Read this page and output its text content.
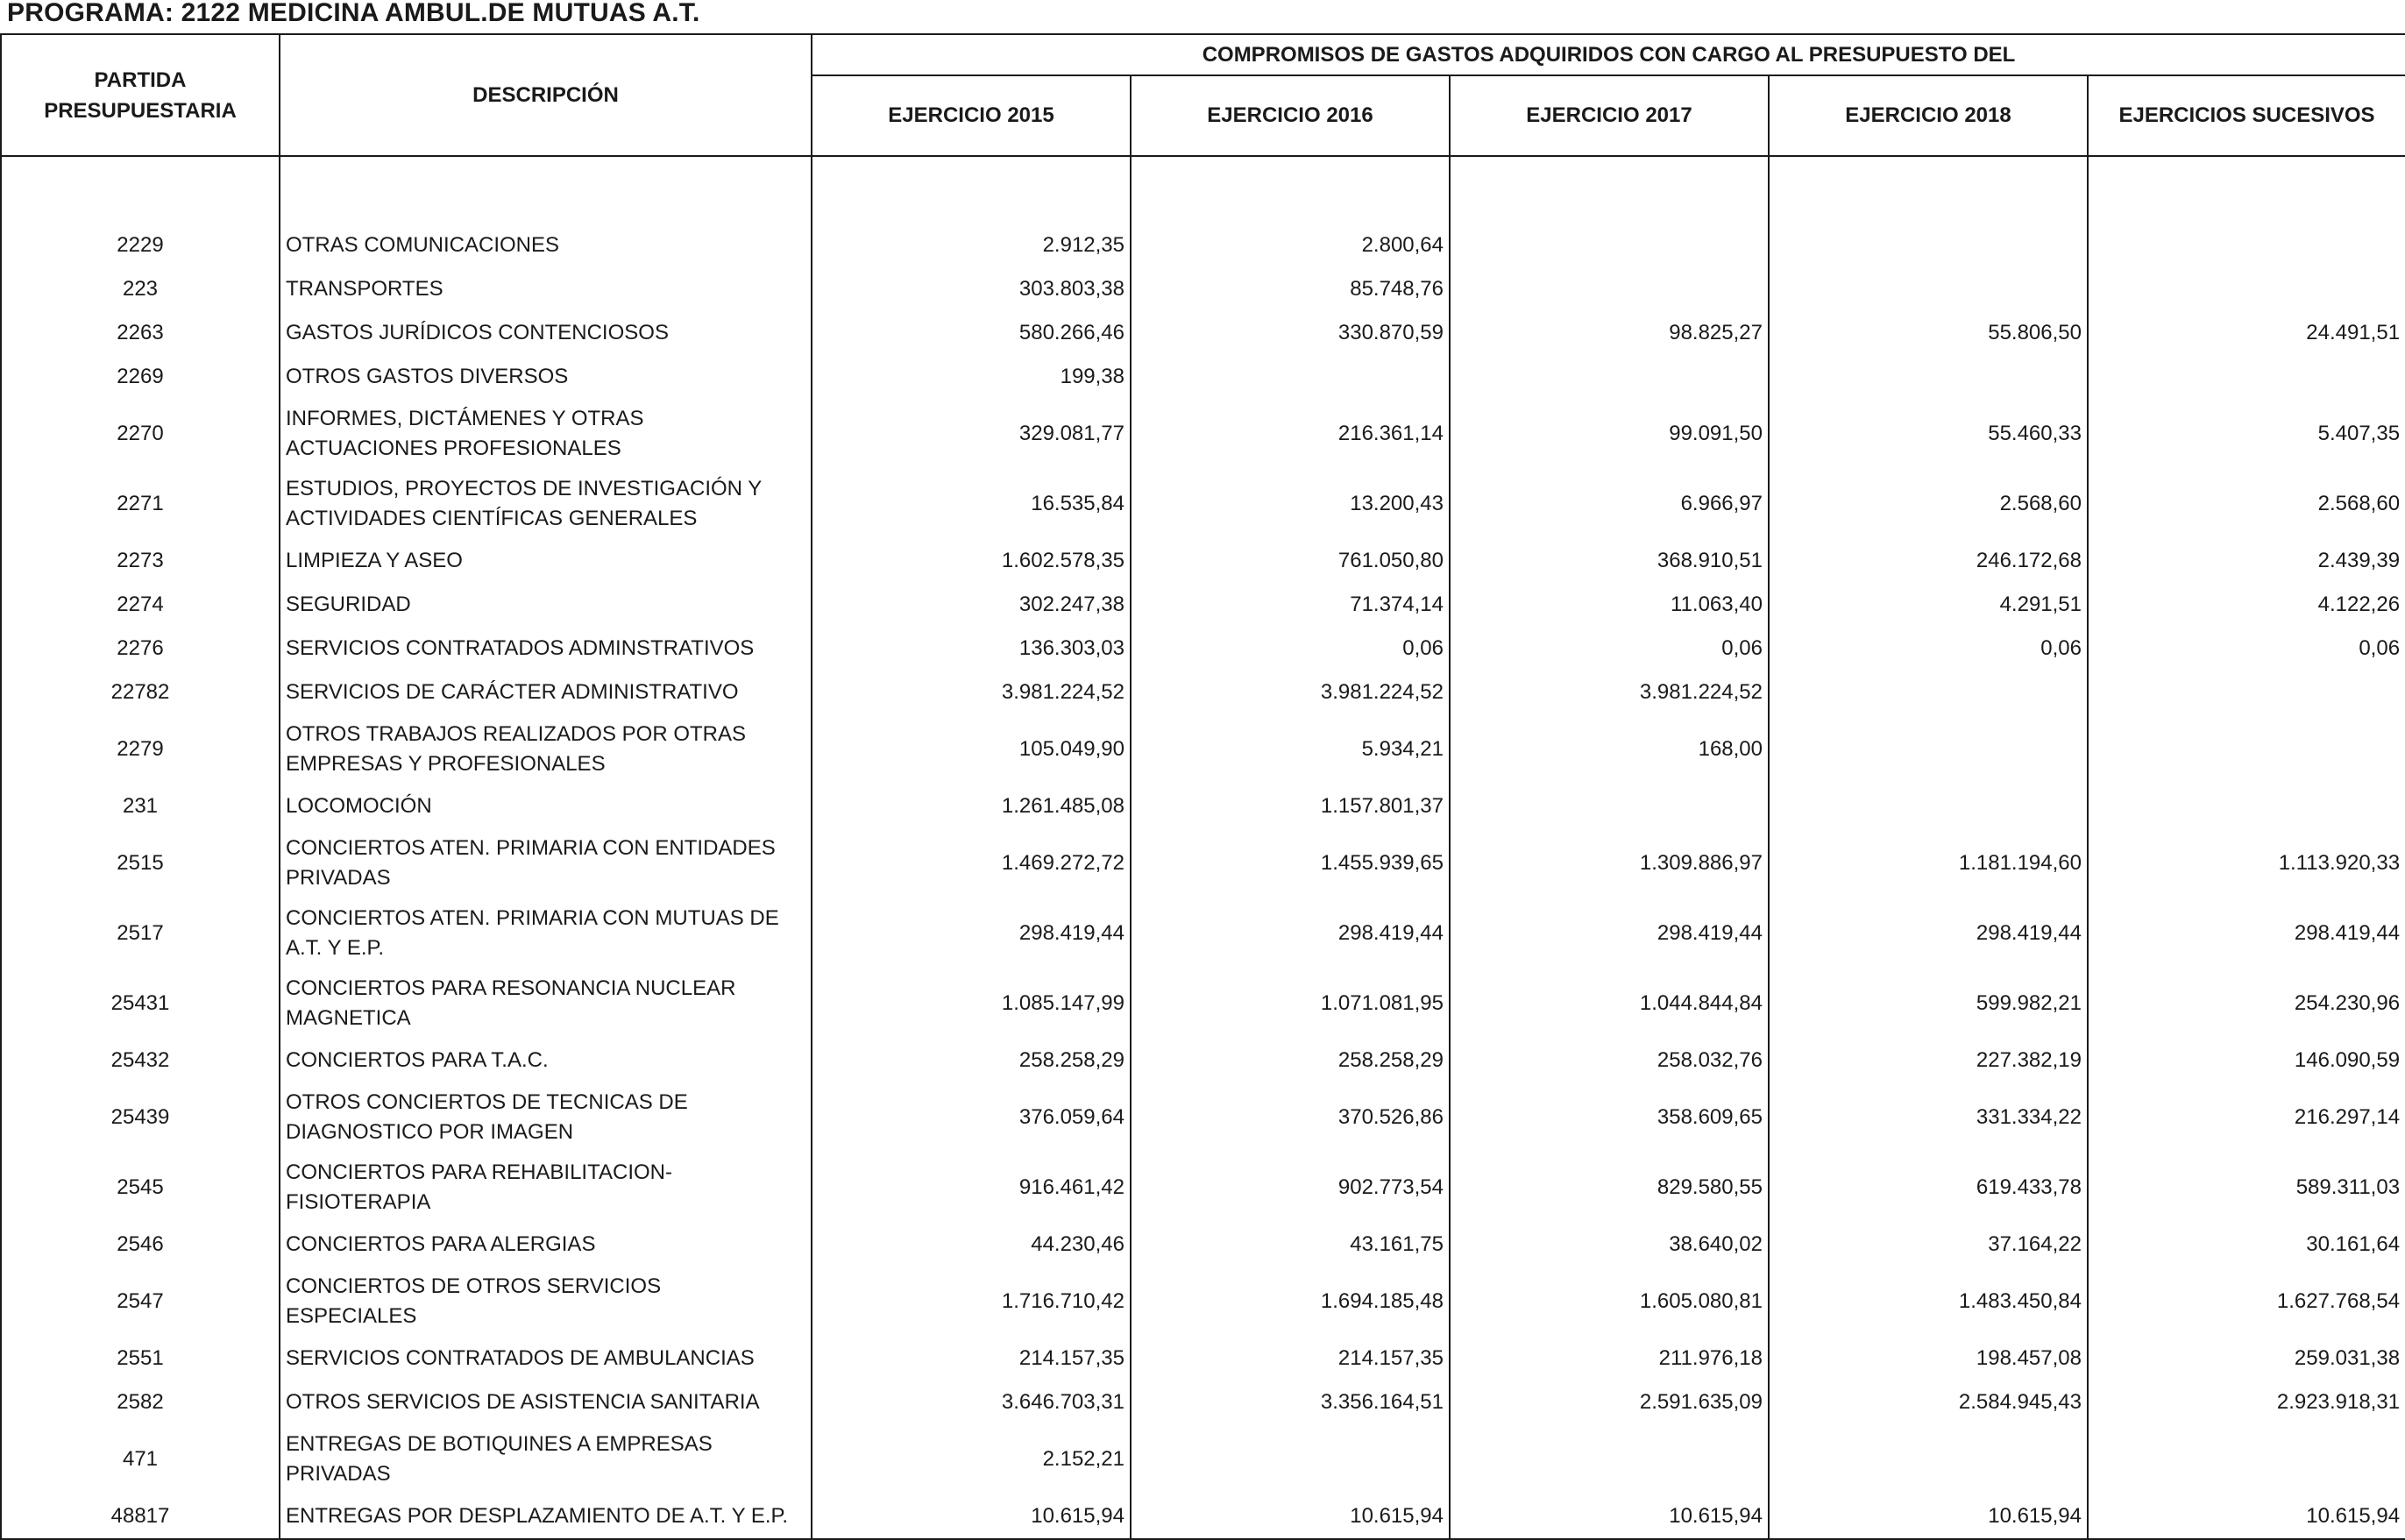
PROGRAMA: 2122 MEDICINA AMBUL.DE MUTUAS A.T.
PARTIDA
PRESUPUESTARIA	DESCRIPCIÓN	COMPROMISOS DE GASTOS ADQUIRIDOS CON CARGO AL PRESUPUESTO DEL				
		EJERCICIO 2015	EJERCICIO 2016	EJERCICIO 2017	EJERCICIO 2018	EJERCICIOS SUCESIVOS

2229	OTRAS COMUNICACIONES	2.912,35	2.800,64			
223	TRANSPORTES	303.803,38	85.748,76			
2263	GASTOS JURÍDICOS CONTENCIOSOS	580.266,46	330.870,59	98.825,27	55.806,50	24.491,51
2269	OTROS GASTOS DIVERSOS	199,38				
2270	INFORMES, DICTÁMENES Y OTRAS
ACTUACIONES PROFESIONALES	329.081,77	216.361,14	99.091,50	55.460,33	5.407,35
2271	ESTUDIOS, PROYECTOS DE INVESTIGACIÓN Y
ACTIVIDADES CIENTÍFICAS GENERALES	16.535,84	13.200,43	6.966,97	2.568,60	2.568,60
2273	LIMPIEZA Y ASEO	1.602.578,35	761.050,80	368.910,51	246.172,68	2.439,39
2274	SEGURIDAD	302.247,38	71.374,14	11.063,40	4.291,51	4.122,26
2276	SERVICIOS CONTRATADOS ADMINSTRATIVOS	136.303,03	0,06	0,06	0,06	0,06
22782	SERVICIOS DE CARÁCTER ADMINISTRATIVO	3.981.224,52	3.981.224,52	3.981.224,52		
2279	OTROS TRABAJOS REALIZADOS POR OTRAS
EMPRESAS Y PROFESIONALES	105.049,90	5.934,21	168,00		
231	LOCOMOCIÓN	1.261.485,08	1.157.801,37			
2515	CONCIERTOS ATEN. PRIMARIA CON ENTIDADES
PRIVADAS	1.469.272,72	1.455.939,65	1.309.886,97	1.181.194,60	1.113.920,33
2517	CONCIERTOS ATEN. PRIMARIA CON MUTUAS DE
A.T. Y E.P.	298.419,44	298.419,44	298.419,44	298.419,44	298.419,44
25431	CONCIERTOS PARA RESONANCIA NUCLEAR
MAGNETICA	1.085.147,99	1.071.081,95	1.044.844,84	599.982,21	254.230,96
25432	CONCIERTOS PARA T.A.C.	258.258,29	258.258,29	258.032,76	227.382,19	146.090,59
25439	OTROS CONCIERTOS DE TECNICAS DE
DIAGNOSTICO POR IMAGEN	376.059,64	370.526,86	358.609,65	331.334,22	216.297,14
2545	CONCIERTOS PARA REHABILITACION-
FISIOTERAPIA	916.461,42	902.773,54	829.580,55	619.433,78	589.311,03
2546	CONCIERTOS PARA ALERGIAS	44.230,46	43.161,75	38.640,02	37.164,22	30.161,64
2547	CONCIERTOS DE OTROS SERVICIOS
ESPECIALES	1.716.710,42	1.694.185,48	1.605.080,81	1.483.450,84	1.627.768,54
2551	SERVICIOS CONTRATADOS DE AMBULANCIAS	214.157,35	214.157,35	211.976,18	198.457,08	259.031,38
2582	OTROS SERVICIOS DE ASISTENCIA SANITARIA	3.646.703,31	3.356.164,51	2.591.635,09	2.584.945,43	2.923.918,31
471	ENTREGAS DE BOTIQUINES A EMPRESAS
PRIVADAS	2.152,21				
48817	ENTREGAS POR DESPLAZAMIENTO DE A.T. Y E.P.	10.615,94	10.615,94	10.615,94	10.615,94	10.615,94
